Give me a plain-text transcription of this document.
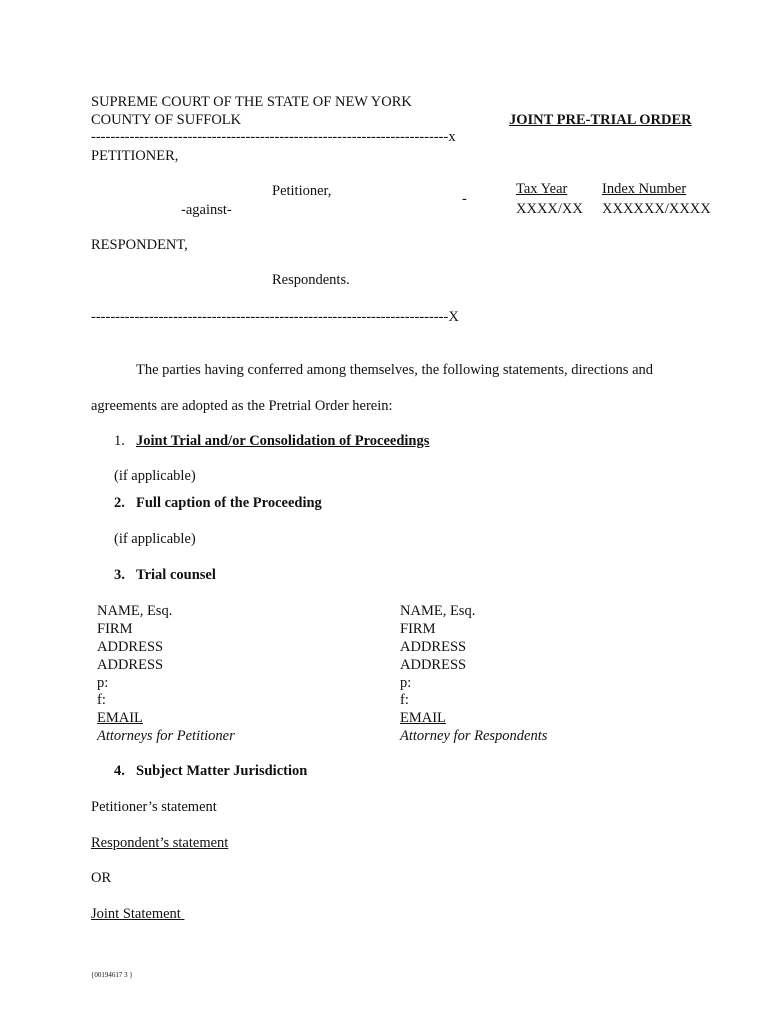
SUPREME COURT OF THE STATE OF NEW YORK
COUNTY OF SUFFOLK	JOINT PRE-TRIAL ORDER
--------------------------------------------------------------------------x
PETITIONER,
Petitioner,	-
-against-
Tax Year
XXXX/XX
Index Number
XXXXXX/XXXX
RESPONDENT,
Respondents.
--------------------------------------------------------------------------X
The parties having conferred among themselves, the following statements, directions and
agreements are adopted as the Pretrial Order herein:
1. Joint Trial and/or Consolidation of Proceedings
(if applicable)
2. Full caption of the Proceeding
(if applicable)
3. Trial counsel
NAME, Esq.
FIRM
ADDRESS
ADDRESS
p:
f:
EMAIL
Attorneys for Petitioner
NAME, Esq.
FIRM
ADDRESS
ADDRESS
p:
f:
EMAIL
Attorney for Respondents
4. Subject Matter Jurisdiction
Petitioner’s statement
Respondent’s statement
OR
Joint Statement
{00194617 3 }
